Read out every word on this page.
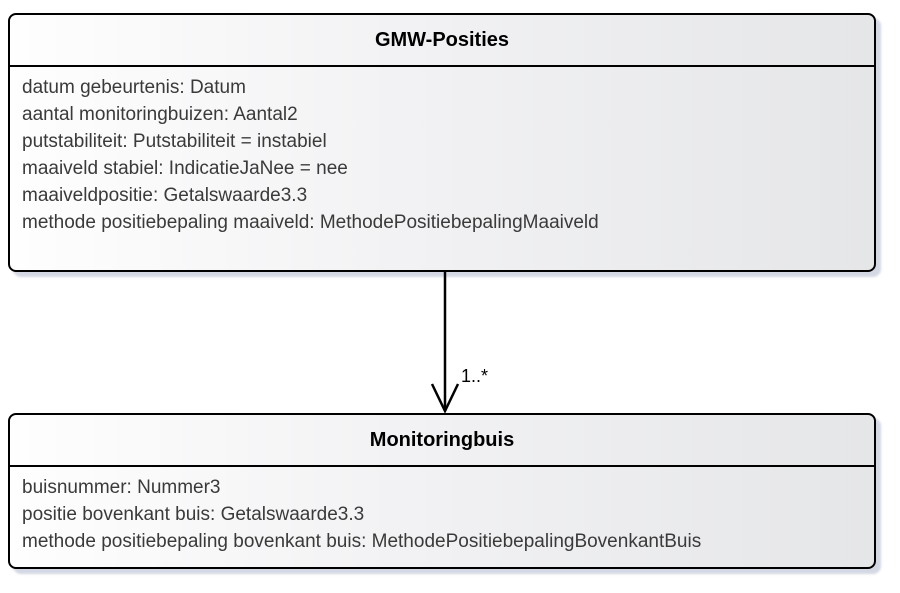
GMW-Posities
datum gebeurtenis: Datum
aantal monitoringbuizen: Aantal2
putstabiliteit: Putstabiliteit = instabiel
maaiveld stabiel: IndicatieJaNee = nee
maaiveldpositie: Getalswaarde3.3
methode positiebepaling maaiveld: MethodePositiebepalingMaaiveld
1..*
Monitoringbuis
buisnummer: Nummer3
positie bovenkant buis: Getalswaarde3.3
methode positiebepaling bovenkant buis: MethodePositiebepalingBovenkantBuis
